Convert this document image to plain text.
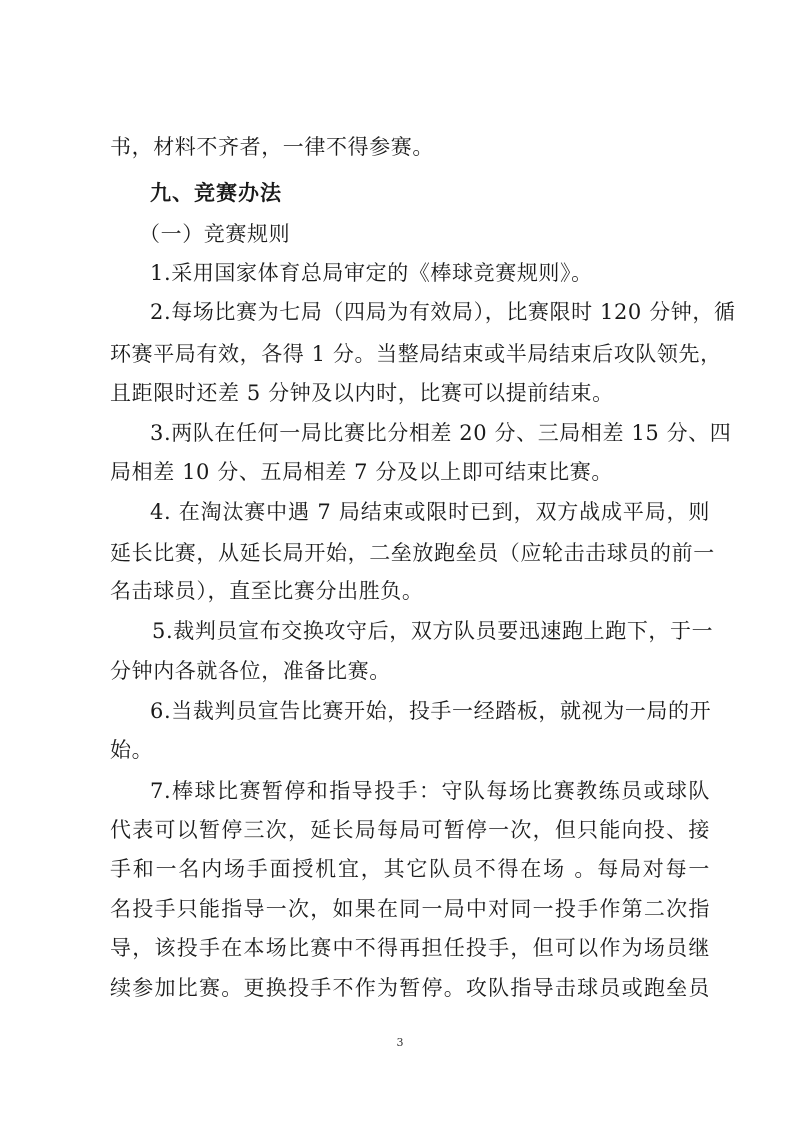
书，材料不齐者，一律不得参赛。
九、竞赛办法
（一）竞赛规则
1.采用国家体育总局审定的《棒球竞赛规则》。
2.每场比赛为七局（四局为有效局），比赛限时 120 分钟，循
环赛平局有效，各得 1 分。当整局结束或半局结束后攻队领先，
且距限时还差 5 分钟及以内时，比赛可以提前结束。
3.两队在任何一局比赛比分相差 20 分、三局相差 15 分、四
局相差 10 分、五局相差 7 分及以上即可结束比赛。
4. 在淘汰赛中遇 7 局结束或限时已到，双方战成平局，则
延长比赛，从延长局开始，二垒放跑垒员（应轮击击球员的前一
名击球员），直至比赛分出胜负。
5.裁判员宣布交换攻守后，双方队员要迅速跑上跑下，于一
分钟内各就各位，准备比赛。
6.当裁判员宣告比赛开始，投手一经踏板，就视为一局的开
始。
7.棒球比赛暂停和指导投手：守队每场比赛教练员或球队
代表可以暂停三次，延长局每局可暂停一次，但只能向投、接
手和一名内场手面授机宜，其它队员不得在场 。每局对每一
名投手只能指导一次，如果在同一局中对同一投手作第二次指
导，该投手在本场比赛中不得再担任投手，但可以作为场员继
续参加比赛。更换投手不作为暂停。攻队指导击球员或跑垒员
3
